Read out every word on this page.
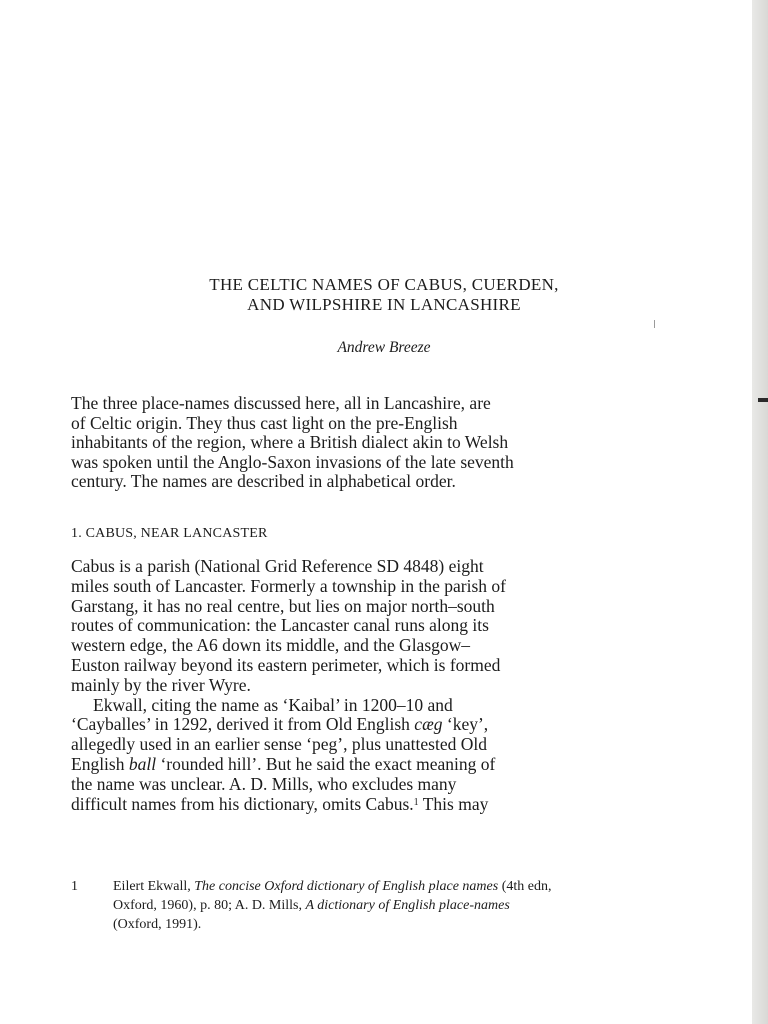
THE CELTIC NAMES OF CABUS, CUERDEN,
AND WILPSHIRE IN LANCASHIRE
Andrew Breeze
The three place-names discussed here, all in Lancashire, are
of Celtic origin. They thus cast light on the pre-English
inhabitants of the region, where a British dialect akin to Welsh
was spoken until the Anglo-Saxon invasions of the late seventh
century. The names are described in alphabetical order.
1. CABUS, NEAR LANCASTER
Cabus is a parish (National Grid Reference SD 4848) eight
miles south of Lancaster. Formerly a township in the parish of
Garstang, it has no real centre, but lies on major north–south
routes of communication: the Lancaster canal runs along its
western edge, the A6 down its middle, and the Glasgow–
Euston railway beyond its eastern perimeter, which is formed
mainly by the river Wyre.
Ekwall, citing the name as ‘Kaibal’ in 1200–10 and
‘Cayballes’ in 1292, derived it from Old English cæg ‘key’,
allegedly used in an earlier sense ‘peg’, plus unattested Old
English ball ‘rounded hill’. But he said the exact meaning of
the name was unclear. A. D. Mills, who excludes many
difficult names from his dictionary, omits Cabus.$^1$ This may
1	Eilert Ekwall, The concise Oxford dictionary of English place names (4th edn,
Oxford, 1960), p. 80; A. D. Mills, A dictionary of English place-names
(Oxford, 1991).
